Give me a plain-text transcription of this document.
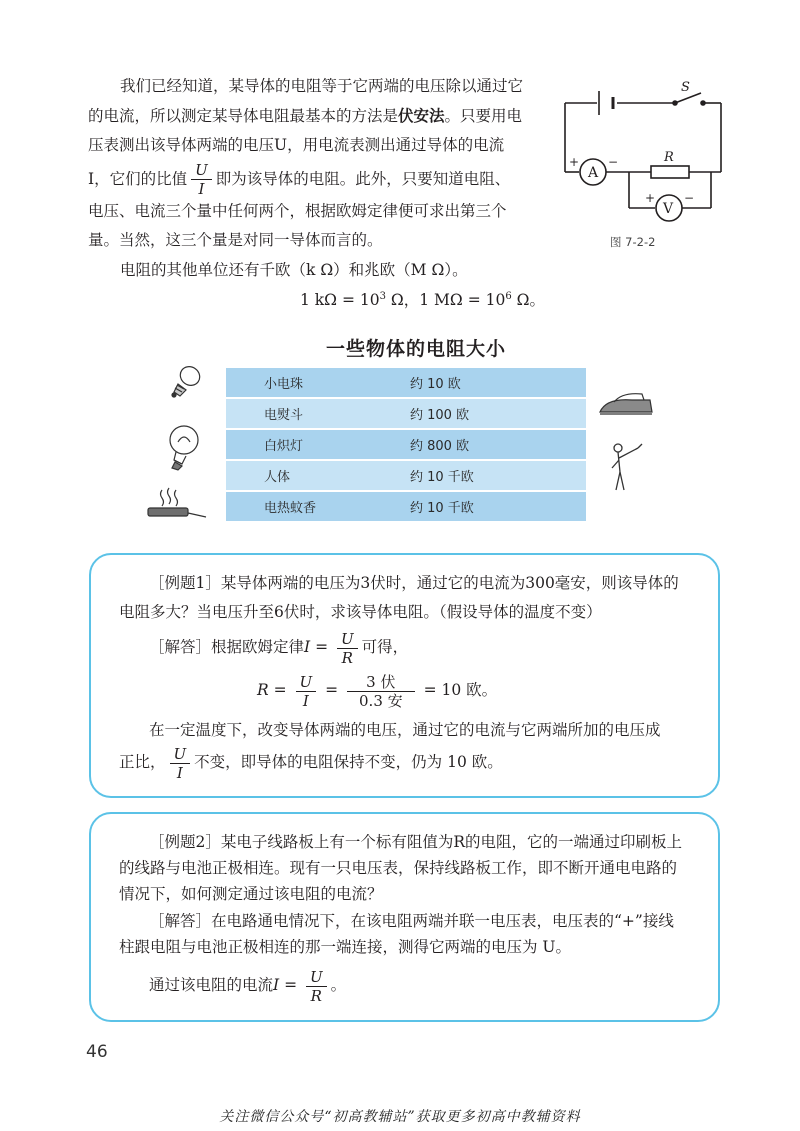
我们已经知道，某导体的电阻等于它两端的电压除以通过它

的电流，所以测定某导体电阻最基本的方法是伏安法。只要用电

压表测出该导体两端的电压U，用电流表测出通过导体的电流

I，它们的比值 $\frac{U}{I}$ 即为该导体的电阻。此外，只要知道电阻、

电压、电流三个量中任何两个，根据欧姆定律便可求出第三个

量。当然，这三个量是对同一导体而言的。

电阻的其他单位还有千欧（k Ω）和兆欧（M Ω）。

1 $k\Omega = 10^3$ Ω，1 $M\Omega = 10^6$ Ω。
S
R
A
V
+ −
+ −
图 7-2-2
一些物体的电阻大小
小电珠	约 10 欧
电熨斗	约 100 欧
白炽灯	约 800 欧
人体	约 10 千欧
电热蚊香	约 10 千欧
［例题1］某导体两端的电压为3伏时，通过它的电流为300毫安，则该导体的
电阻多大？当电压升至6伏时，求该导体电阻。（假设导体的温度不变）
［解答］根据欧姆定律$I = \frac{U}{R}$ 可得，
$R = \frac{U}{I} = \frac{\text{3 伏}}{\text{0.3 安}} = 10$ 欧。
在一定温度下，改变导体两端的电压，通过它的电流与它两端所加的电压成
正比， $\frac{U}{I}$ 不变，即导体的电阻保持不变，仍为 10 欧。
［例题2］某电子线路板上有一个标有阻值为R的电阻，它的一端通过印刷板上
的线路与电池正极相连。现有一只电压表，保持线路板工作，即不断开通电电路的
情况下，如何测定通过该电阻的电流？
［解答］在电路通电情况下，在该电阻两端并联一电压表，电压表的“+”接线
柱跟电阻与电池正极相连的那一端连接，测得它两端的电压为 U。
通过该电阻的电流$I = \frac{U}{R}$ 。
46
关注微信公众号“初高教辅站”获取更多初高中教辅资料
